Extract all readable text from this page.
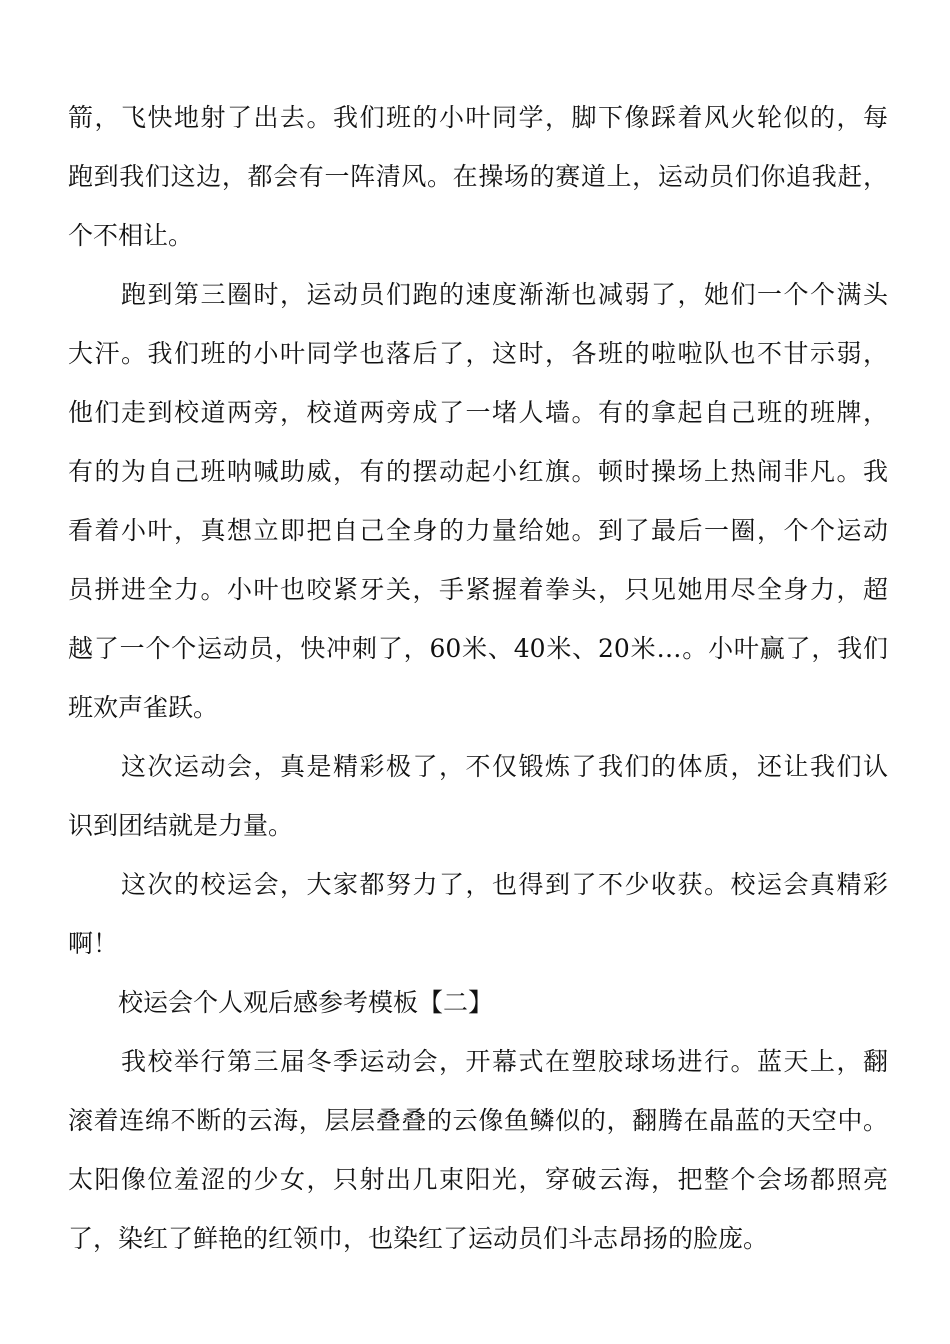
箭，飞快地射了出去。我们班的小叶同学，脚下像踩着风火轮似的，每
跑到我们这边，都会有一阵清风。在操场的赛道上，运动员们你追我赶，
个不相让。
　　跑到第三圈时，运动员们跑的速度渐渐也减弱了，她们一个个满头
大汗。我们班的小叶同学也落后了，这时，各班的啦啦队也不甘示弱，
他们走到校道两旁，校道两旁成了一堵人墙。有的拿起自己班的班牌，
有的为自己班呐喊助威，有的摆动起小红旗。顿时操场上热闹非凡。我
看着小叶，真想立即把自己全身的力量给她。到了最后一圈，个个运动
员拼进全力。小叶也咬紧牙关，手紧握着拳头，只见她用尽全身力，超
越了一个个运动员，快冲刺了，60米、40米、20米…。小叶赢了，我们
班欢声雀跃。
　　这次运动会，真是精彩极了，不仅锻炼了我们的体质，还让我们认
识到团结就是力量。
　　这次的校运会，大家都努力了，也得到了不少收获。校运会真精彩
啊！
　　校运会个人观后感参考模板【二】
　　我校举行第三届冬季运动会，开幕式在塑胶球场进行。蓝天上，翻
滚着连绵不断的云海，层层叠叠的云像鱼鳞似的，翻腾在晶蓝的天空中。
太阳像位羞涩的少女，只射出几束阳光，穿破云海，把整个会场都照亮
了，染红了鲜艳的红领巾，也染红了运动员们斗志昂扬的脸庞。
